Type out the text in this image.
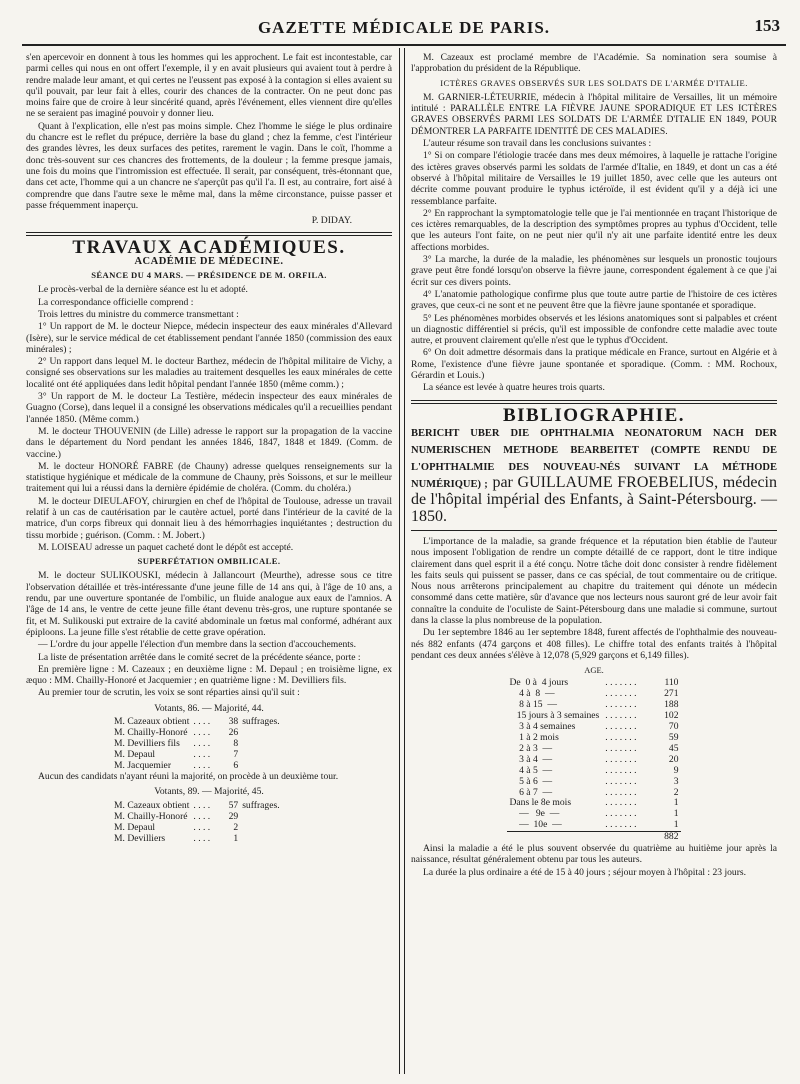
GAZETTE MÉDICALE DE PARIS.	153

s'en apercevoir en donnent à tous les hommes qui les approchent. Le fait est incontestable, car parmi celles qui nous en ont offert l'exemple, il y en avait plusieurs qui avaient tout à perdre à rendre malade leur amant, et qui certes ne l'eussent pas exposé à la contagion si elles avaient su qu'il pouvait, par leur fait à elles, courir des chances de la contracter. On ne peut donc pas moins faire que de croire à leur sincérité quand, après l'événement, elles viennent dire qu'elles ne se seraient pas imaginé pouvoir y donner lieu.

Quant à l'explication, elle n'est pas moins simple. Chez l'homme le siége le plus ordinaire du chancre est le reflet du prépuce, derrière la base du gland ; chez la femme, c'est l'intérieur des grandes lèvres, les deux surfaces des petites, rarement le vagin. Dans le coït, l'homme a donc très-souvent sur ces chancres des frottements, de la douleur ; la femme presque jamais, une fois du moins que l'intromission est effectuée. Il serait, par conséquent, très-étonnant que, dans cet acte, l'homme qui a un chancre ne s'aperçût pas qu'il l'a. Il est, au contraire, fort aisé à comprendre que dans l'autre sexe le même mal, dans la même circonstance, puisse passer et passe fréquemment inaperçu.

P. DIDAY.

TRAVAUX ACADÉMIQUES.
ACADÉMIE DE MÉDECINE.
SÉANCE DU 4 MARS. — PRÉSIDENCE DE M. ORFILA.

Le procès-verbal de la dernière séance est lu et adopté.

La correspondance officielle comprend :

Trois lettres du ministre du commerce transmettant :

1° Un rapport de M. le docteur Niepce, médecin inspecteur des eaux minérales d'Allevard (Isère), sur le service médical de cet établissement pendant l'année 1850 (commission des eaux minérales) ;

2° Un rapport dans lequel M. le docteur Barthez, médecin de l'hôpital militaire de Vichy, a consigné ses observations sur les maladies au traitement desquelles les eaux minérales de cette localité ont été appliquées dans ledit hôpital pendant l'année 1850 (même comm.) ;

3° Un rapport de M. le docteur La Testière, médecin inspecteur des eaux minérales de Guagno (Corse), dans lequel il a consigné les observations médicales qu'il a recueillies pendant l'année 1850. (Même comm.)

M. le docteur THOUVENIN (de Lille) adresse le rapport sur la propagation de la vaccine dans le département du Nord pendant les années 1846, 1847, 1848 et 1849. (Comm. de vaccine.)

M. le docteur HONORÉ FABRE (de Chauny) adresse quelques renseignements sur la statistique hygiénique et médicale de la commune de Chauny, près Soissons, et sur le meilleur traitement qui lui a réussi dans la dernière épidémie de choléra. (Comm. du choléra.)

M. le docteur DIEULAFOY, chirurgien en chef de l'hôpital de Toulouse, adresse un travail relatif à un cas de cautérisation par le cautère actuel, porté dans l'intérieur de la cavité de la matrice, d'un corps fibreux qui donnait lieu à des hémorrhagies inquiétantes ; destruction du tissu morbide ; guérison. (Comm. : M. Jobert.)

M. LOISEAU adresse un paquet cacheté dont le dépôt est accepté.

SUPERFÉTATION OMBILICALE.

M. le docteur SULIKOUSKI, médecin à Jallancourt (Meurthe), adresse sous ce titre l'observation détaillée et très-intéressante d'une jeune fille de 14 ans qui, à l'âge de 10 ans, a rendu, par une ouverture spontanée de l'ombilic, un fluide analogue aux eaux de l'amnios. A l'âge de 14 ans, le ventre de cette jeune fille étant devenu très-gros, une rupture spontanée se fit, et M. Sulikouski put extraire de la cavité abdominale un fœtus mal conformé, adhérant aux épiploons. La jeune fille s'est rétablie de cette grave opération.

— L'ordre du jour appelle l'élection d'un membre dans la section d'accouchements.

La liste de présentation arrêtée dans le comité secret de la précédente séance, porte :

En première ligne : M. Cazeaux ; en deuxième ligne : M. Depaul ; en troisième ligne, ex æquo : MM. Chailly-Honoré et Jacquemier ; en quatrième ligne : M. Devilliers fils.

Au premier tour de scrutin, les voix se sont réparties ainsi qu'il suit :

Votants, 86. — Majorité, 44.
M. Cazeaux obtient	. . . .	38	suffrages.
M. Chailly-Honoré	. . . .	26	
M. Devilliers fils	. . . .	8	
M. Depaul	. . . .	7	
M. Jacquemier	. . . .	6	

Aucun des candidats n'ayant réuni la majorité, on procède à un deuxième tour.

Votants, 89. — Majorité, 45.
M. Cazeaux obtient	. . . .	57	suffrages.
M. Chailly-Honoré	. . . .	29	
M. Depaul	. . . .	2	
M. Devilliers	. . . .	1	

M. Cazeaux est proclamé membre de l'Académie. Sa nomination sera soumise à l'approbation du président de la République.

ICTÈRES GRAVES OBSERVÉS SUR LES SOLDATS DE L'ARMÉE D'ITALIE.

M. GARNIER-LÉTEURRIE, médecin à l'hôpital militaire de Versailles, lit un mémoire intitulé : PARALLÈLE ENTRE LA FIÈVRE JAUNE SPORADIQUE ET LES ICTÈRES GRAVES OBSERVÉS PARMI LES SOLDATS DE L'ARMÉE D'ITALIE EN 1849, POUR DÉMONTRER LA PARFAITE IDENTITÉ DE CES MALADIES.

L'auteur résume son travail dans les conclusions suivantes :

1° Si on compare l'étiologie tracée dans mes deux mémoires, à laquelle je rattache l'origine des ictères graves observés parmi les soldats de l'armée d'Italie, en 1849, et dont un cas a été observé à l'hôpital militaire de Versailles le 19 juillet 1850, avec celle que les auteurs ont décrite comme pouvant produire le typhus ictéroïde, il est évident qu'il y a déjà ici une ressemblance parfaite.

2° En rapprochant la symptomatologie telle que je l'ai mentionnée en traçant l'historique de ces ictères remarquables, de la description des symptômes propres au typhus d'Occident, telle que les auteurs l'ont faite, on ne peut nier qu'il n'y ait une parfaite identité entre les deux affections morbides.

3° La marche, la durée de la maladie, les phénomènes sur lesquels un pronostic toujours grave peut être fondé lorsqu'on observe la fièvre jaune, correspondent également à ce que j'ai écrit sur ces divers points.

4° L'anatomie pathologique confirme plus que toute autre partie de l'histoire de ces ictères graves, que ceux-ci ne sont et ne peuvent être que la fièvre jaune spontanée et sporadique.

5° Les phénomènes morbides observés et les lésions anatomiques sont si palpables et créent un diagnostic différentiel si précis, qu'il est impossible de confondre cette maladie avec toute autre, et prouvent clairement qu'elle n'est que le typhus d'Occident.

6° On doit admettre désormais dans la pratique médicale en France, surtout en Algérie et à Rome, l'existence d'une fièvre jaune spontanée et sporadique. (Comm. : MM. Rochoux, Gérardin et Louis.)

La séance est levée à quatre heures trois quarts.

BIBLIOGRAPHIE.
BERICHT UBER DIE OPHTHALMIA NEONATORUM NACH DER NUMERISCHEN METHODE BEARBEITET (COMPTE RENDU DE L'OPHTHALMIE DES NOUVEAU-NÉS SUIVANT LA MÉTHODE NUMÉRIQUE) ; par GUILLAUME FROEBELIUS, médecin de l'hôpital impérial des Enfants, à Saint-Pétersbourg. — 1850.

L'importance de la maladie, sa grande fréquence et la réputation bien établie de l'auteur nous imposent l'obligation de rendre un compte détaillé de ce rapport, dont le titre indique clairement dans quel esprit il a été conçu. Notre tâche doit donc consister à rendre fidèlement les faits seuls qui puissent se passer, dans ce cas spécial, de tout commentaire ou de critique. Nous nous arrêterons principalement au chapitre du traitement qui dénote un médecin consommé dans cette matière, sûr d'avance que nos lecteurs nous sauront gré de leur avoir fait connaître la conduite de l'oculiste de Saint-Pétersbourg dans une maladie si commune, surtout dans la classe la plus nombreuse de la population.

Du 1er septembre 1846 au 1er septembre 1848, furent affectés de l'ophthalmie des nouveau-nés 882 enfants (474 garçons et 408 filles). Le chiffre total des enfants traités à l'hôpital pendant ces deux années s'élève à 12,078 (5,929 garçons et 6,149 filles).

AGE.
De  0 à  4 jours	. . . . . . .	110
4 à  8  —	. . . . . . .	271
8 à 15  —	. . . . . . .	188
15 jours à 3 semaines	. . . . . . .	102
3 à 4 semaines	. . . . . . .	70
1 à 2 mois	. . . . . . .	59
2 à 3  —	. . . . . . .	45
3 à 4  —	. . . . . . .	20
4 à 5  —	. . . . . . .	9
5 à 6  —	. . . . . . .	3
6 à 7  —	. . . . . . .	2
Dans le 8e mois	. . . . . . .	1
—   9e  —	. . . . . . .	1
—  10e  —	. . . . . . .	1
		882

Ainsi la maladie a été le plus souvent observée du quatrième au huitième jour après la naissance, résultat généralement obtenu par tous les auteurs.

La durée la plus ordinaire a été de 15 à 40 jours ; séjour moyen à l'hôpital : 23 jours.
